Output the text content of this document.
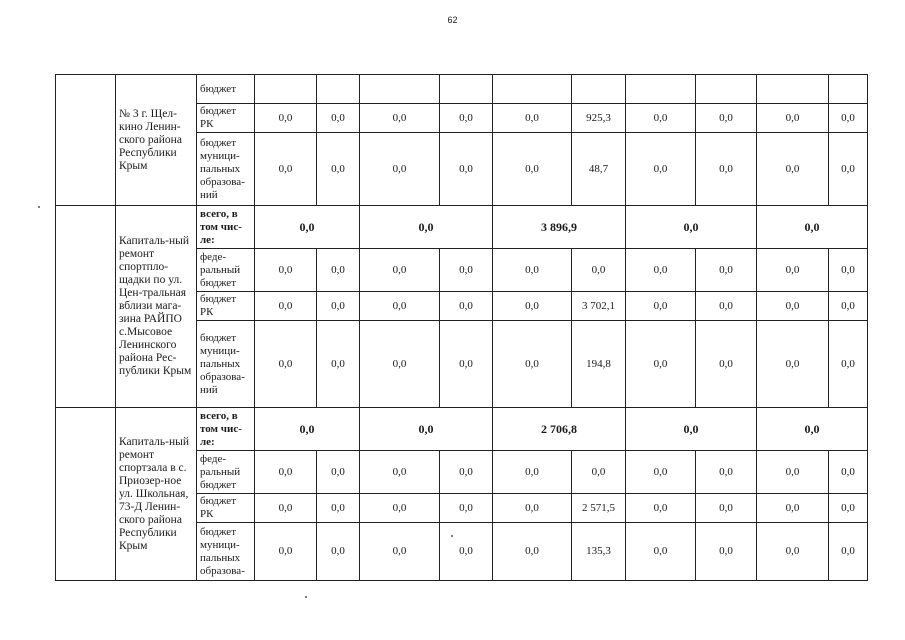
62
	№ 3 г. Щел-кино Ленин-ского района Республики Крым	бюджет										
		бюджет РК	0,0	0,0	0,0	0,0	0,0	925,3	0,0	0,0	0,0	0,0
		бюджет муници-пальных образова-ний	0,0	0,0	0,0	0,0	0,0	48,7	0,0	0,0	0,0	0,0
	Капиталь-ный ремонт спортпло-щадки по ул. Цен-тральная вблизи мага-зина РАЙПО с.Мысовое Ленинского района Рес-публики Крым	всего, в том чис-ле:	0,0		0,0		3 896,9		0,0		0,0	
		феде-ральный бюджет	0,0	0,0	0,0	0,0	0,0	0,0	0,0	0,0	0,0	0,0
		бюджет РК	0,0	0,0	0,0	0,0	0,0	3 702,1	0,0	0,0	0,0	0,0
		бюджет муници-пальных образова-ний	0,0	0,0	0,0	0,0	0,0	194,8	0,0	0,0	0,0	0,0
	Капиталь-ный ремонт спортзала в с. Приозер-ное ул. Школьная, 73-Д Ленин-ского района Республики Крым	всего, в том чис-ле:	0,0		0,0		2 706,8		0,0		0,0	
		феде-ральный бюджет	0,0	0,0	0,0	0,0	0,0	0,0	0,0	0,0	0,0	0,0
		бюджет РК	0,0	0,0	0,0	0,0	0,0	2 571,5	0,0	0,0	0,0	0,0
		бюджет муници-пальных образова-	0,0	0,0	0,0	0,0	0,0	135,3	0,0	0,0	0,0	0,0
